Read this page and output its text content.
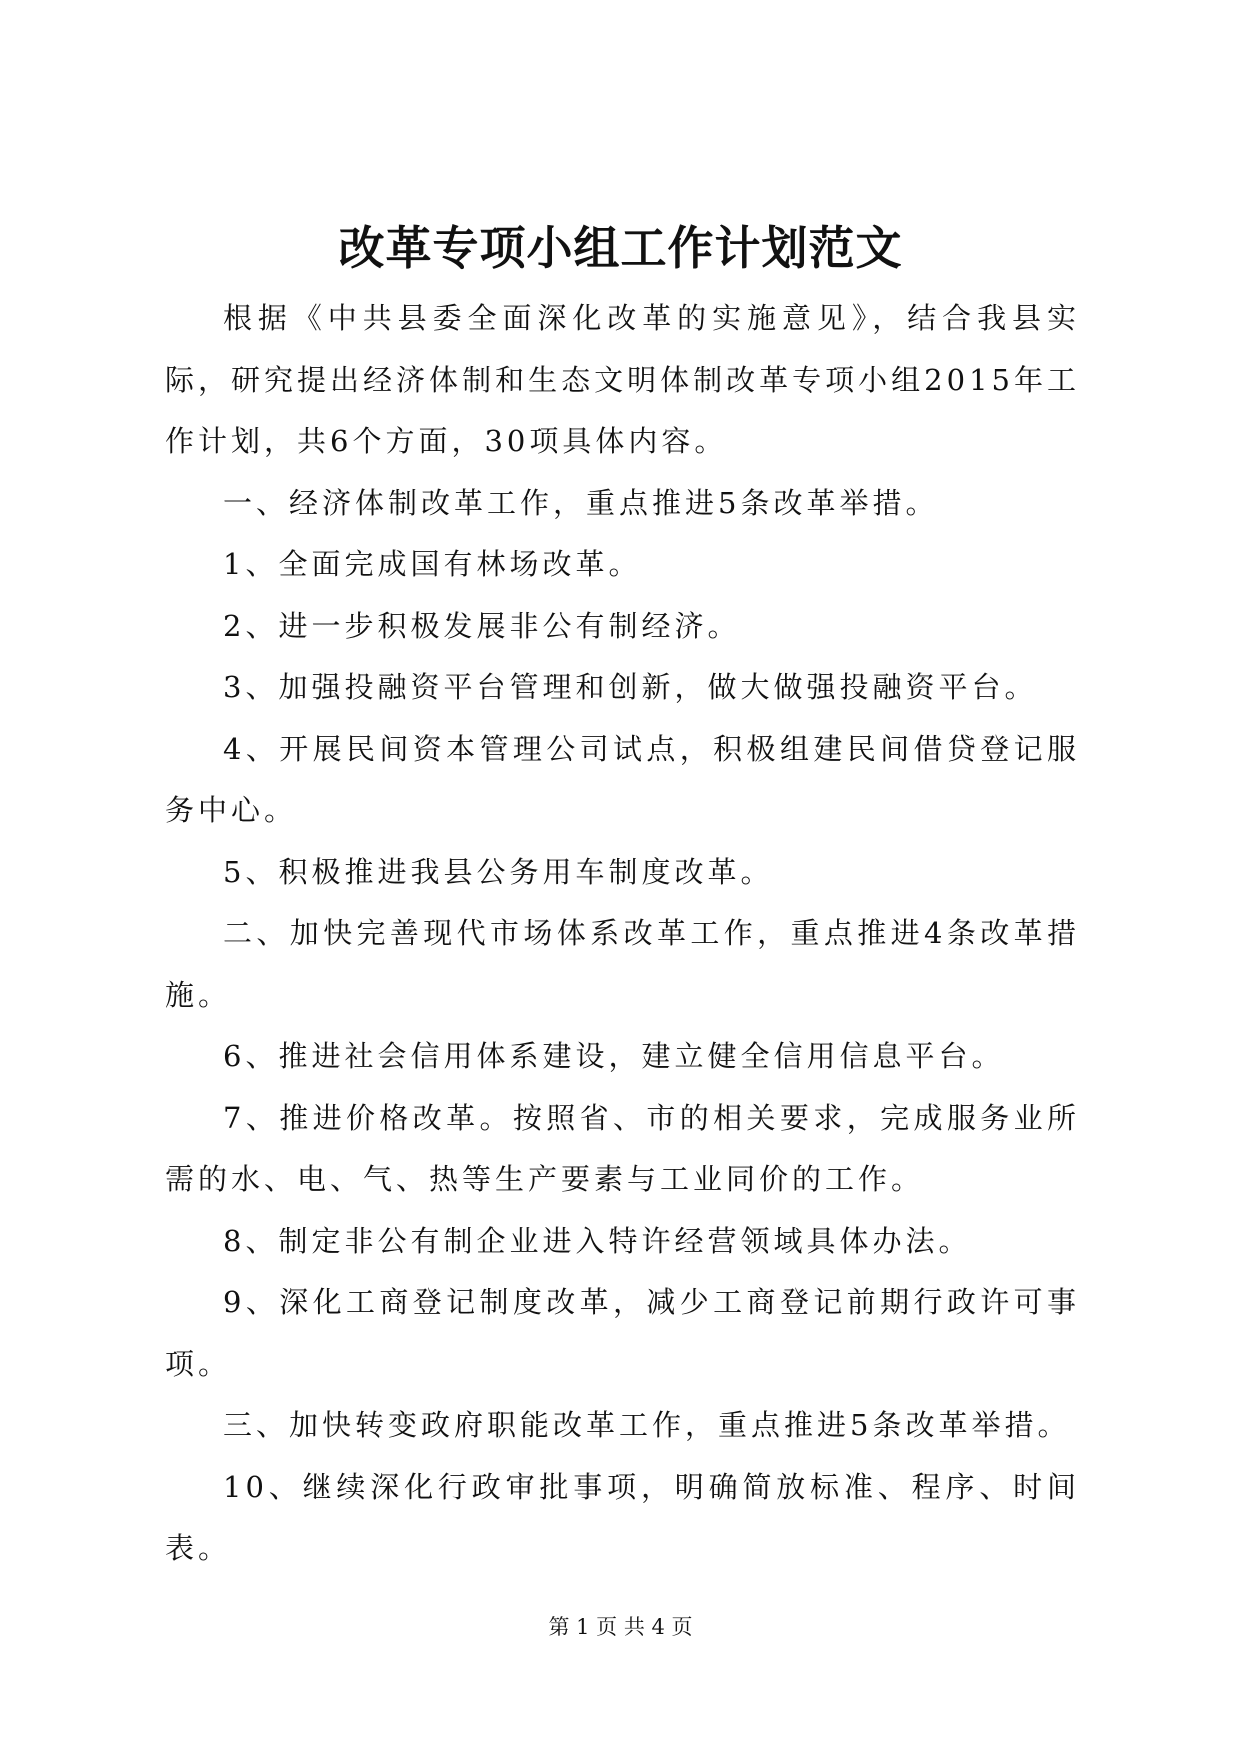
改革专项小组工作计划范文

根据《中共县委全面深化改革的实施意见》，结合我县实际，研究提出经济体制和生态文明体制改革专项小组2015年工作计划，共6个方面，30项具体内容。

一、经济体制改革工作，重点推进5条改革举措。

1、全面完成国有林场改革。

2、进一步积极发展非公有制经济。

3、加强投融资平台管理和创新，做大做强投融资平台。

4、开展民间资本管理公司试点，积极组建民间借贷登记服务中心。

5、积极推进我县公务用车制度改革。

二、加快完善现代市场体系改革工作，重点推进4条改革措施。

6、推进社会信用体系建设，建立健全信用信息平台。

7、推进价格改革。按照省、市的相关要求，完成服务业所需的水、电、气、热等生产要素与工业同价的工作。

8、制定非公有制企业进入特许经营领域具体办法。

9、深化工商登记制度改革，减少工商登记前期行政许可事项。

三、加快转变政府职能改革工作，重点推进5条改革举措。

10、继续深化行政审批事项，明确简放标准、程序、时间表。

第 1 页 共 4 页
